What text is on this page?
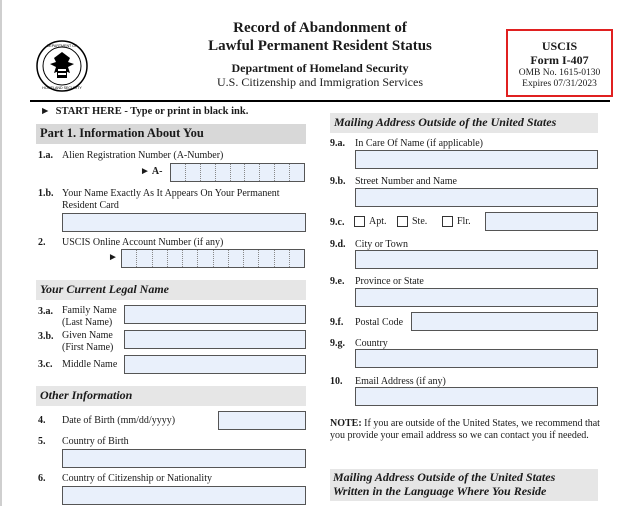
DEPARTMENT OF
HOMELAND SECURITY
Record of Abandonment of
Lawful Permanent Resident Status
Department of Homeland Security
U.S. Citizenship and Immigration Services
USCIS
Form I-407
OMB No. 1615-0130
Expires 07/31/2023
► START HERE - Type or print in black ink.
Part 1. Information About You
1.a. Alien Registration Number (A-Number)
► A-
1.b. Your Name Exactly As It Appears On Your Permanent Resident Card
2. USCIS Online Account Number (if any)
►
Your Current Legal Name
3.a. Family Name
(Last Name)
3.b. Given Name
(First Name)
3.c. Middle Name
Other Information
4. Date of Birth (mm/dd/yyyy)
5. Country of Birth
6. Country of Citizenship or Nationality
Mailing Address Outside of the United States
9.a. In Care Of Name (if applicable)
9.b. Street Number and Name
9.c. Apt.	Ste.	Flr.
9.d. City or Town
9.e. Province or State
9.f. Postal Code
9.g. Country
10. Email Address (if any)
NOTE: If you are outside of the United States, we recommend that you provide your email address so we can contact you if needed.
Mailing Address Outside of the United States
Written in the Language Where You Reside
